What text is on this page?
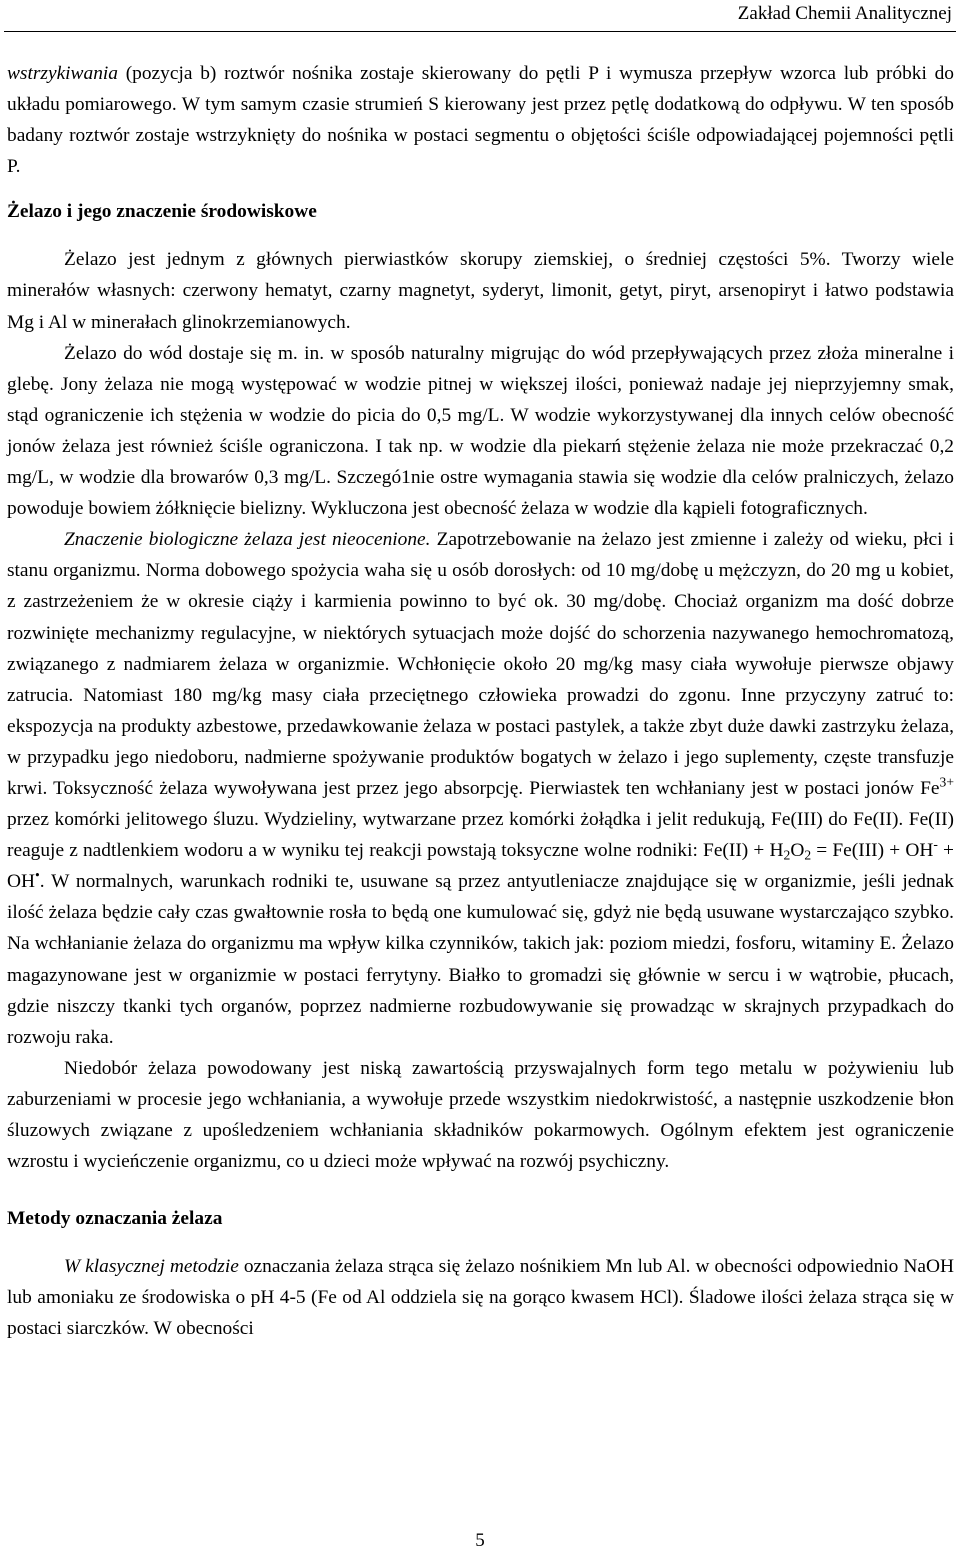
Zakład Chemii Analitycznej

wstrzykiwania (pozycja b) roztwór nośnika zostaje skierowany do pętli P i wymusza przepływ wzorca lub próbki do układu pomiarowego. W tym samym czasie strumień S kierowany jest przez pętlę dodatkową do odpływu. W ten sposób badany roztwór zostaje wstrzyknięty do nośnika w postaci segmentu o objętości ściśle odpowiadającej pojemności pętli P.

Żelazo i jego znaczenie środowiskowe

Żelazo jest jednym z głównych pierwiastków skorupy ziemskiej, o średniej częstości 5%. Tworzy wiele minerałów własnych: czerwony hematyt, czarny magnetyt, syderyt, limonit, getyt, piryt, arsenopiryt i łatwo podstawia Mg i Al w minerałach glinokrzemianowych.

Żelazo do wód dostaje się m. in. w sposób naturalny migrując do wód przepływających przez złoża mineralne i glebę. Jony żelaza nie mogą występować w wodzie pitnej w większej ilości, ponieważ nadaje jej nieprzyjemny smak, stąd ograniczenie ich stężenia w wodzie do picia do 0,5 mg/L. W wodzie wykorzystywanej dla innych celów obecność jonów żelaza jest również ściśle ograniczona. I tak np. w wodzie dla piekarń stężenie żelaza nie może przekraczać 0,2 mg/L, w wodzie dla browarów 0,3 mg/L. Szczegó1nie ostre wymagania stawia się wodzie dla celów pralniczych, żelazo powoduje bowiem żółknięcie bielizny. Wykluczona jest obecność żelaza w wodzie dla kąpieli fotograficznych.

Znaczenie biologiczne żelaza jest nieocenione. Zapotrzebowanie na żelazo jest zmienne i zależy od wieku, płci i stanu organizmu. Norma dobowego spożycia waha się u osób dorosłych: od 10 mg/dobę u mężczyzn, do 20 mg u kobiet, z zastrzeżeniem że w okresie ciąży i karmienia powinno to być ok. 30 mg/dobę. Chociaż organizm ma dość dobrze rozwinięte mechanizmy regulacyjne, w niektórych sytuacjach może dojść do schorzenia nazywanego hemochromatozą, związanego z nadmiarem żelaza w organizmie. Wchłonięcie około 20 mg/kg masy ciała wywołuje pierwsze objawy zatrucia. Natomiast 180 mg/kg masy ciała przeciętnego człowieka prowadzi do zgonu. Inne przyczyny zatruć to: ekspozycja na produkty azbestowe, przedawkowanie żelaza w postaci pastylek, a także zbyt duże dawki zastrzyku żelaza, w przypadku jego niedoboru, nadmierne spożywanie produktów bogatych w żelazo i jego suplementy, częste transfuzje krwi. Toksyczność żelaza wywoływana jest przez jego absorpcję. Pierwiastek ten wchłaniany jest w postaci jonów $Fe^{3+}$ przez komórki jelitowego śluzu. Wydzieliny, wytwarzane przez komórki żołądka i jelit redukują, Fe(III) do Fe(II). Fe(II) reaguje z nadtlenkiem wodoru a w wyniku tej reakcji powstają toksyczne wolne rodniki: $Fe(II) + H_2O_2 = Fe(III) + OH^- + OH^•$. W normalnych, warunkach rodniki te, usuwane są przez antyutleniacze znajdujące się w organizmie, jeśli jednak ilość żelaza będzie cały czas gwałtownie rosła to będą one kumulować się, gdyż nie będą usuwane wystarczająco szybko. Na wchłanianie żelaza do organizmu ma wpływ kilka czynników, takich jak: poziom miedzi, fosforu, witaminy E. Żelazo magazynowane jest w organizmie w postaci ferrytyny. Białko to gromadzi się głównie w sercu i w wątrobie, płucach, gdzie niszczy tkanki tych organów, poprzez nadmierne rozbudowywanie się prowadząc w skrajnych przypadkach do rozwoju raka.

Niedobór żelaza powodowany jest niską zawartością przyswajalnych form tego metalu w pożywieniu lub zaburzeniami w procesie jego wchłaniania, a wywołuje przede wszystkim niedokrwistość, a następnie uszkodzenie błon śluzowych związane z upośledzeniem wchłaniania składników pokarmowych. Ogólnym efektem jest ograniczenie wzrostu i wycieńczenie organizmu, co u dzieci może wpływać na rozwój psychiczny.

Metody oznaczania żelaza

W klasycznej metodzie oznaczania żelaza strąca się żelazo nośnikiem Mn lub Al. w obecności odpowiednio NaOH lub amoniaku ze środowiska o pH 4-5 (Fe od Al oddziela się na gorąco kwasem HCl). Śladowe ilości żelaza strąca się w postaci siarczków. W obecności

5
